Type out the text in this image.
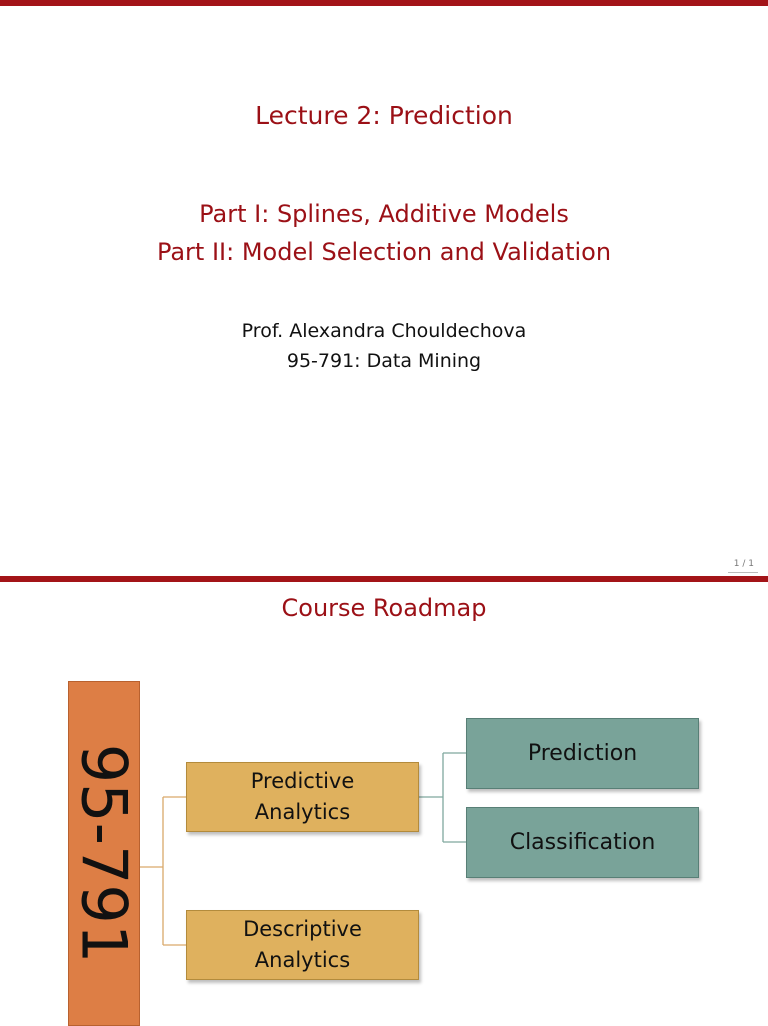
Lecture 2: Prediction
Part I: Splines, Additive Models
Part II: Model Selection and Validation
Prof. Alexandra Chouldechova
95-791: Data Mining
1 / 1
Course Roadmap
95-791	Predictive
Analytics
Descriptive
Analytics
Prediction
Classification
